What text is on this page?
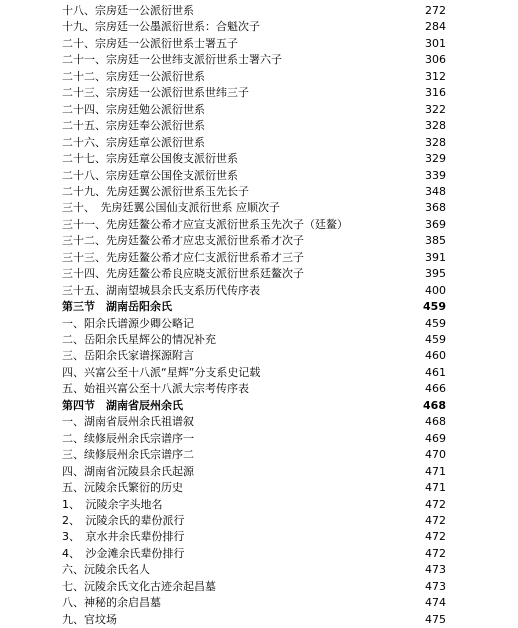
十八、宗房廷一公派衍世系	272
十九、宗房廷一公墨派衍世系：合魁次子	284
二十、宗房廷一公派衍世系士署五子	301
二十一、宗房廷一公世纬支派衍世系士署六子	306
二十二、宗房廷一公派衍世系	312
二十三、宗房廷一公派衍世系世纬三子	316
二十四、宗房廷勉公派衍世系	322
二十五、宗房廷奉公派衍世系	328
二十六、宗房廷章公派衍世系	328
二十七、宗房廷章公国俊支派衍世系	329
二十八、宗房廷章公国佺支派衍世系	339
二十九、先房廷翼公派衍世系玉先长子	348
三十、　先房廷翼公国仙支派衍世系 应顺次子	368
三十一、先房廷鳌公希才应宣支派衍世系玉先次子（廷鳌）	369
三十二、先房廷鳌公希才应忠支派衍世系希才次子	385
三十三、先房廷鳌公希才应仁支派衍世系希才三子	391
三十四、先房廷鳌公希良应晓支派衍世系廷鳌次子	395
三十五、湖南望城县余氏支系历代传序表	400
第三节　湖南岳阳余氏	459
一、阳余氏谱源少卿公略记	459
二、岳阳余氏星辉公的情况补充	459
三、岳阳余氏家谱探源附言	460
四、兴富公至十八派“星辉”分支系史记载	461
五、始祖兴富公至十八派大宗考传序表	466
第四节　湖南省辰州余氏	468
一、湖南省辰州余氏祖谱叙	468
二、续修辰州余氏宗谱序一	469
三、续修辰州余氏宗谱序二	470
四、湖南省沅陵县余氏起源	471
五、沅陵余氏繁衍的历史	471
1、　沅陵余字头地名	472
2、　沅陵余氏的辈份派行	472
3、　京水井余氏辈份排行	472
4、　沙金滩余氏辈份排行	472
六、沅陵余氏名人	473
七、沅陵余氏文化古迹余起昌墓	473
八、神秘的余启昌墓	474
九、官坟场	475
